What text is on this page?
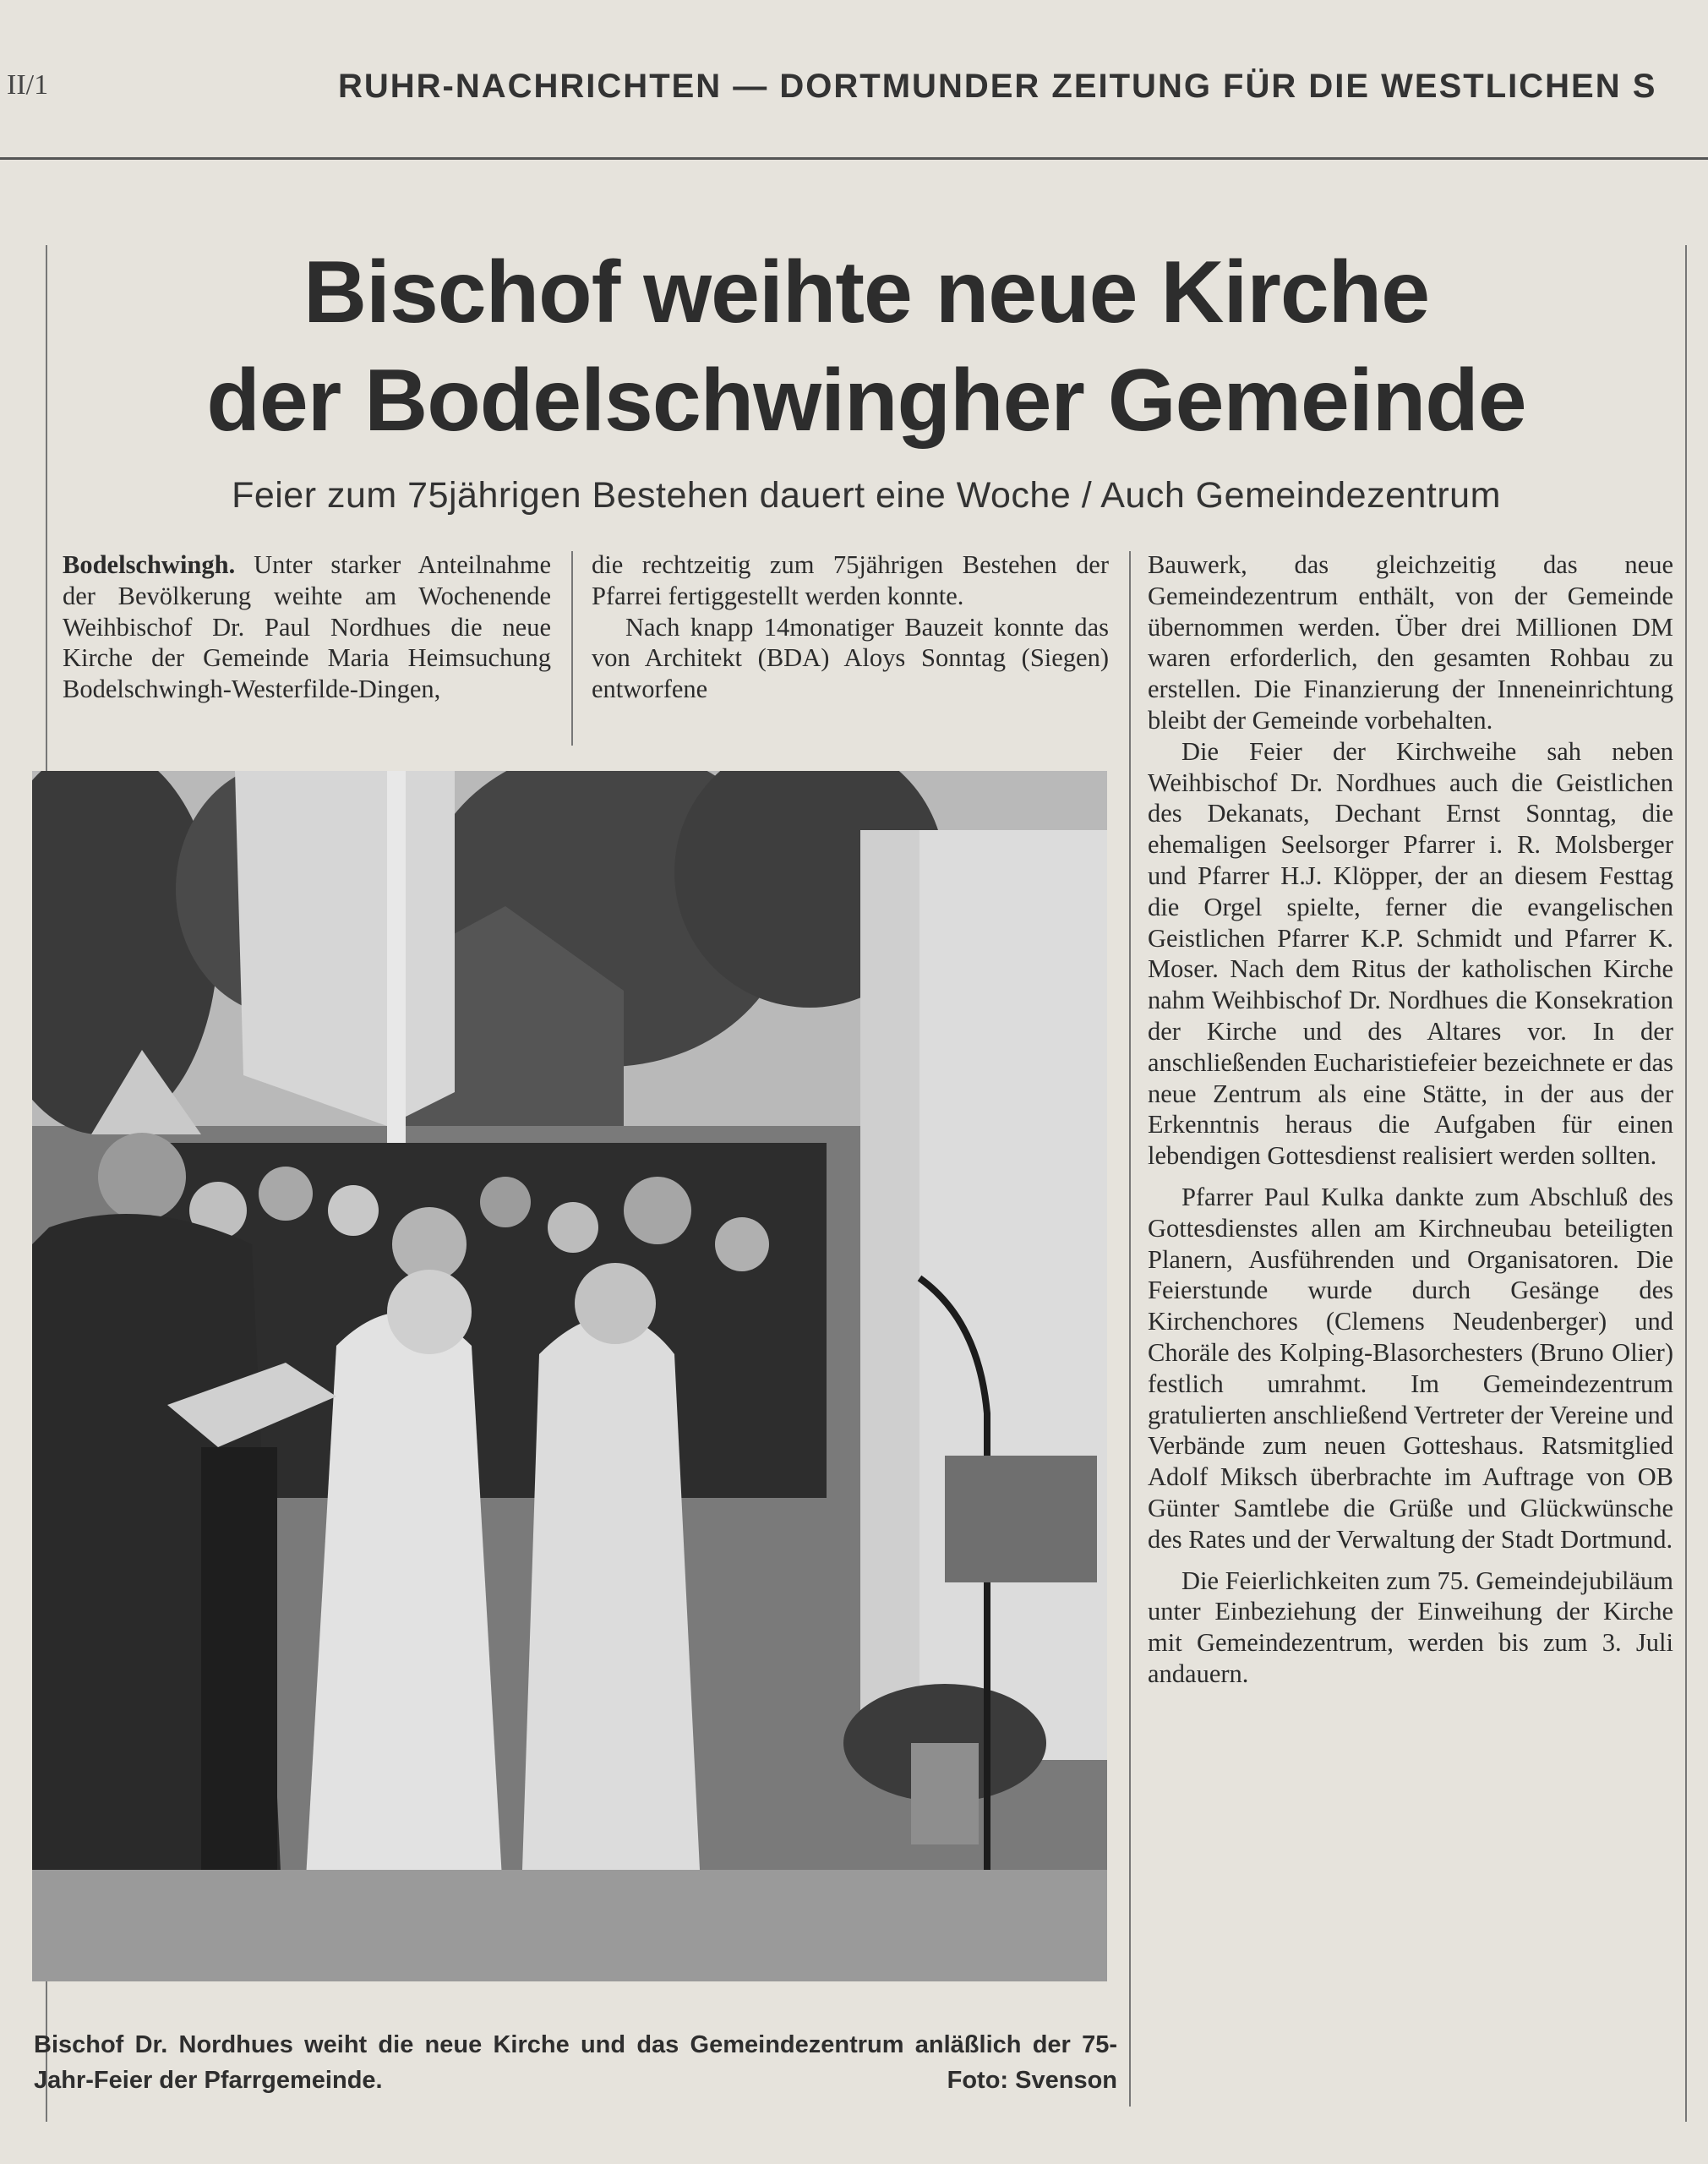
II/1	RUHR-NACHRICHTEN — DORTMUNDER ZEITUNG FÜR DIE WESTLICHEN S
Bischof weihte neue Kirche
der Bodelschwingher Gemeinde
Feier zum 75jährigen Bestehen dauert eine Woche / Auch Gemeindezentrum

Bodelschwingh. Unter starker Anteilnahme der Bevölkerung weihte am Wochenende Weihbischof Dr. Paul Nordhues die neue Kirche der Gemeinde Maria Heimsuchung Bodelschwingh-Westerfilde-Dingen,

die rechtzeitig zum 75jährigen Bestehen der Pfarrei fertiggestellt werden konnte.

Nach knapp 14monatiger Bauzeit konnte das von Architekt (BDA) Aloys Sonntag (Siegen) entworfene

Bauwerk, das gleichzeitig das neue Gemeindezentrum enthält, von der Gemeinde übernommen werden. Über drei Millionen DM waren erforderlich, den gesamten Rohbau zu erstellen. Die Finanzierung der Inneneinrichtung bleibt der Gemeinde vorbehalten.

Die Feier der Kirchweihe sah neben Weihbischof Dr. Nordhues auch die Geistlichen des Dekanats, Dechant Ernst Sonntag, die ehemaligen Seelsorger Pfarrer i. R. Molsberger und Pfarrer H.J. Klöpper, der an diesem Festtag die Orgel spielte, ferner die evangelischen Geistlichen Pfarrer K.P. Schmidt und Pfarrer K. Moser. Nach dem Ritus der katholischen Kirche nahm Weihbischof Dr. Nordhues die Konsekration der Kirche und des Altares vor. In der anschließenden Eucharistiefeier bezeichnete er das neue Zentrum als eine Stätte, in der aus der Erkenntnis heraus die Aufgaben für einen lebendigen Gottesdienst realisiert werden sollten.

Pfarrer Paul Kulka dankte zum Abschluß des Gottesdienstes allen am Kirchneubau beteiligten Planern, Ausführenden und Organisatoren. Die Feierstunde wurde durch Gesänge des Kirchenchores (Clemens Neudenberger) und Choräle des Kolping-Blasorchesters (Bruno Olier) festlich umrahmt. Im Gemeindezentrum gratulierten anschließend Vertreter der Vereine und Verbände zum neuen Gotteshaus. Ratsmitglied Adolf Miksch überbrachte im Auftrage von OB Günter Samtlebe die Grüße und Glückwünsche des Rates und der Verwaltung der Stadt Dortmund.

Die Feierlichkeiten zum 75. Gemeindejubiläum unter Einbeziehung der Einweihung der Kirche mit Gemeindezentrum, werden bis zum 3. Juli andauern.

Bischof Dr. Nordhues weiht die neue Kirche und das Gemeindezentrum anläßlich der 75-Jahr-Feier der Pfarrgemeinde.	Foto: Svenson
